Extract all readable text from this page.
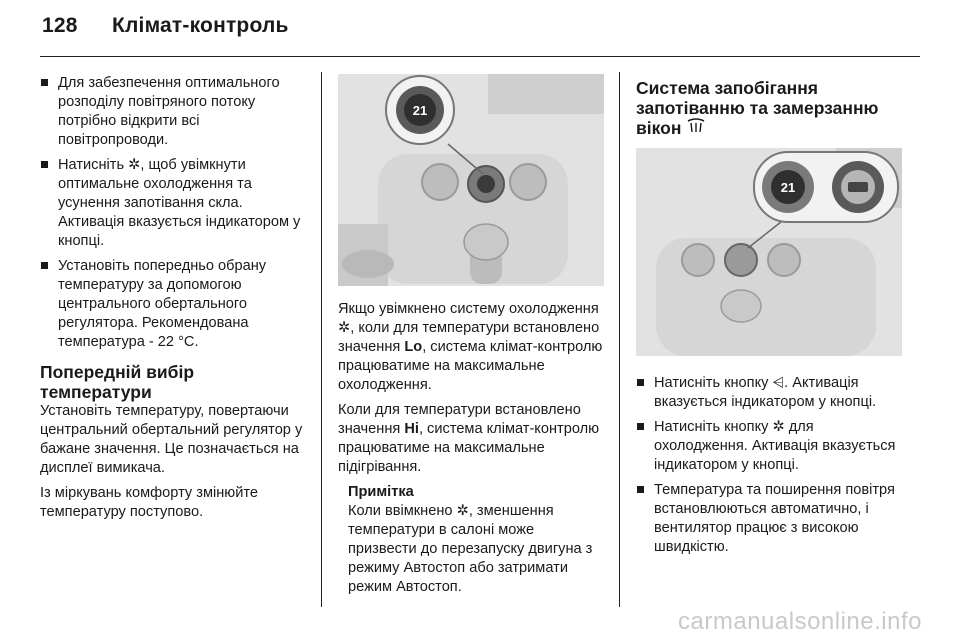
128 Клімат-контроль
Для забезпечення оптимального розподілу повітряного потоку потрібно відкрити всі повітропроводи.
Натисніть ✲, щоб увімкнути оптимальне охолодження та усунення запотівання скла. Активація вказується індикатором у кнопці.
Установіть попередньо обрану температуру за допомогою центрального обертального регулятора. Рекомендована температура - 22 °C.
Попередній вибір температури

Установіть температуру, повертаючи центральний обертальний регулятор у бажане значення. Це позначається на дисплеї вимикача.

Із міркувань комфорту змінюйте температуру поступово.

21

Якщо увімкнено систему охолодження ✲, коли для температури встановлено значення Lo, система клімат-контролю працюватиме на максимальне охолодження.

Коли для температури встановлено значення Hi, система клімат-контролю працюватиме на максимальне підігрівання.

Примітка
Коли ввімкнено ✲, зменшення температури в салоні може призвести до перезапуску двигуна з режиму Автостоп або затримати режим Автостоп.
Система запобігання запотіванню та замерзанню вікон
21
Натисніть кнопку ⩤. Активація вказується індикатором у кнопці.
Натисніть кнопку ✲ для охолодження. Активація вказується індикатором у кнопці.
Температура та поширення повітря встановлюються автоматично, і вентилятор працює з високою швидкістю.
carmanualsonline.info
